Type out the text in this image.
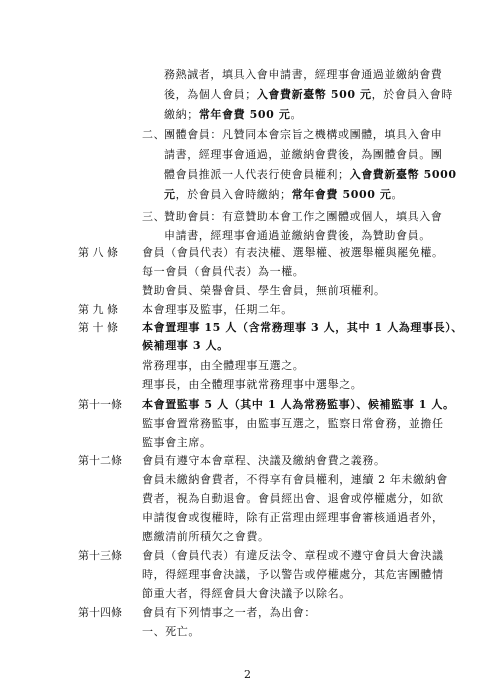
務熱誠者，填具入會申請書，經理事會通過並繳納會費
後，為個人會員；入會費新臺幣 500 元，於會員入會時
繳納；常年會費 500 元。
二、
團體會員：凡贊同本會宗旨之機構或團體，填具入會申
請書，經理事會通過，並繳納會費後，為團體會員。團
體會員推派一人代表行使會員權利；入會費新臺幣 5000
元，於會員入會時繳納；常年會費 5000 元。
三、
贊助會員：有意贊助本會工作之團體或個人，填具入會
申請書，經理事會通過並繳納會費後，為贊助會員。
第 八 條 會員（會員代表）有表決權、選舉權、被選舉權與罷免權。
每一會員（會員代表）為一權。
贊助會員、榮譽會員、學生會員，無前項權利。
第 九 條 本會理事及監事，任期二年。
第 十 條 本會置理事 15 人（含常務理事 3 人，其中 1 人為理事長）、
候補理事 3 人。
常務理事，由全體理事互選之。
理事長，由全體理事就常務理事中選舉之。
第十一條 本會置監事 5 人（其中 1 人為常務監事）、候補監事 1 人。
監事會置常務監事，由監事互選之，監察日常會務，並擔任
監事會主席。
第十二條 會員有遵守本會章程、決議及繳納會費之義務。
會員未繳納會費者，不得享有會員權利，連續 2 年未繳納會
費者，視為自動退會。會員經出會、退會或停權處分，如欲
申請復會或復權時，除有正當理由經理事會審核通過者外，
應繳清前所積欠之會費。
第十三條 會員（會員代表）有違反法令、章程或不遵守會員大會決議
時，得經理事會決議，予以警告或停權處分，其危害團體情
節重大者，得經會員大會決議予以除名。
第十四條 會員有下列情事之一者，為出會：
一、死亡。
2
